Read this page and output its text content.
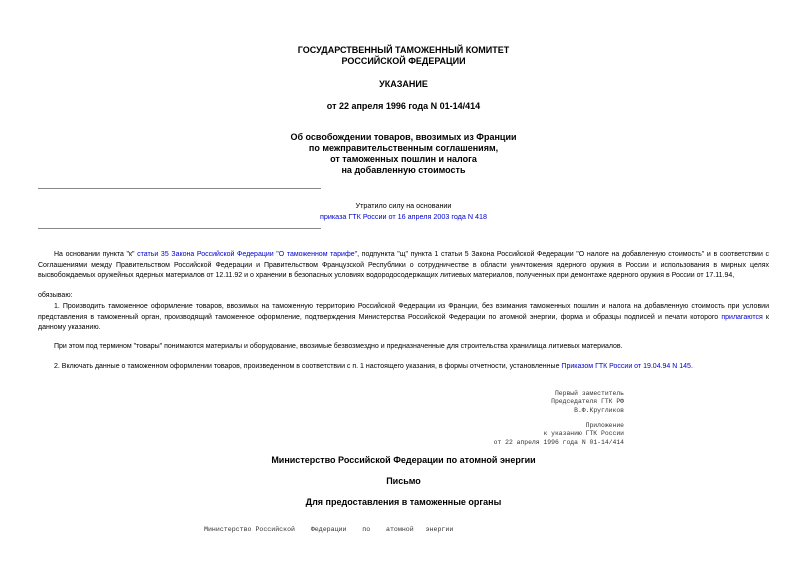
ГОСУДАРСТВЕННЫЙ ТАМОЖЕННЫЙ КОМИТЕТ
РОССИЙСКОЙ ФЕДЕРАЦИИ
УКАЗАНИЕ
от 22 апреля 1996 года N 01-14/414
Об освобождении товаров, ввозимых из Франции
по межправительственным соглашениям,
от таможенных пошлин и налога
на добавленную стоимость
Утратило силу на основании
приказа ГТК России от 16 апреля 2003 года N 418
На основании пункта "к" статьи 35 Закона Российской Федерации "О таможенном тарифе", подпункта "щ" пункта 1 статьи 5 Закона Российской Федерации "О налоге на добавленную стоимость" и в соответствии с Соглашениями между Правительством Российской Федерации и Правительством Французской Республики о сотрудничестве в области уничтожения ядерного оружия в России и использования в мирных целях высвобождаемых оружейных ядерных материалов от 12.11.92 и о хранении в безопасных условиях водородосодержащих литиевых материалов, полученных при демонтаже ядерного оружия в России от 17.11.94,
обязываю:
1. Производить таможенное оформление товаров, ввозимых на таможенную территорию Российской Федерации из Франции, без взимания таможенных пошлин и налога на добавленную стоимость при условии представления в таможенный орган, производящий таможенное оформление, подтверждения Министерства Российской Федерации по атомной энергии, форма и образцы подписей и печати которого прилагаются к данному указанию.
При этом под термином "товары" понимаются материалы и оборудование, ввозимые безвозмездно и предназначенные для строительства хранилища литиевых материалов.
2. Включать данные о таможенном оформлении товаров, произведенном в соответствии с п. 1 настоящего указания, в формы отчетности, установленные Приказом ГТК России от 19.04.94 N 145.
Первый заместитель
Председателя ГТК РФ
В.Ф.Кругликов
Приложение
к указанию ГТК России
от 22 апреля 1996 года N 01-14/414
Министерство Российской Федерации по атомной энергии
Письмо
Для предоставления в таможенные органы
Министерство Российской    Федерации    по    атомной   энергии
